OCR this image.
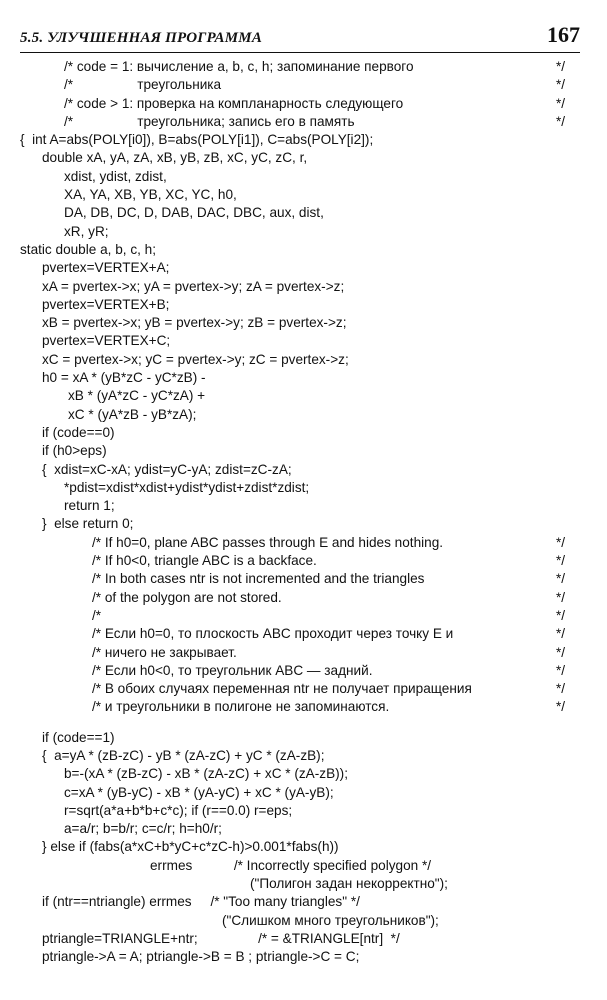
5.5. УЛУЧШЕННАЯ ПРОГРАММА	167
/* code = 1: вычисление a, b, c, h; запоминание первого	*/
/*                 треугольника	*/
/* code > 1: проверка на компланарность следующего	*/
/*                 треугольника; запись его в память	*/
{  int A=abs(POLY[i0]), B=abs(POLY[i1]), C=abs(POLY[i2]);
double xA, yA, zA, xB, yB, zB, xC, yC, zC, r,
xdist, ydist, zdist,
XA, YA, XB, YB, XC, YC, h0,
DA, DB, DC, D, DAB, DAC, DBC, aux, dist,
xR, yR;
static double a, b, c, h;
pvertex=VERTEX+A;
xA = pvertex->x; yA = pvertex->y; zA = pvertex->z;
pvertex=VERTEX+B;
xB = pvertex->x; yB = pvertex->y; zB = pvertex->z;
pvertex=VERTEX+C;
xC = pvertex->x; yC = pvertex->y; zC = pvertex->z;
h0 = xA * (yB*zC - yC*zB) -
xB * (yA*zC - yC*zA) +
xC * (yA*zB - yB*zA);
if (code==0)
if (h0>eps)
{  xdist=xC-xA; ydist=yC-yA; zdist=zC-zA;
*pdist=xdist*xdist+ydist*ydist+zdist*zdist;
return 1;
}  else return 0;
/* If h0=0, plane ABC passes through E and hides nothing.	*/
/* If h0<0, triangle ABC is a backface.	*/
/* In both cases ntr is not incremented and the triangles	*/
/* of the polygon are not stored.	*/
/*	*/
/* Если h0=0, то плоскость ABC проходит через точку E и	*/
/* ничего не закрывает.	*/
/* Если h0<0, то треугольник ABC — задний.	*/
/* В обоих случаях переменная ntr не получает приращения	*/
/* и треугольники в полигоне не запоминаются.	*/
if (code==1)
{  a=yA * (zB-zC) - yB * (zA-zC) + yC * (zA-zB);
b=-(xA * (zB-zC) - xB * (zA-zC) + xC * (zA-zB));
c=xA * (yB-yC) - xB * (yA-yC) + xC * (yA-yB);
r=sqrt(a*a+b*b+c*c); if (r==0.0) r=eps;
a=a/r; b=b/r; c=c/r; h=h0/r;
} else if (fabs(a*xC+b*yC+c*zC-h)>0.001*fabs(h))
errmes           /* Incorrectly specified polygon */
("Полигон задан некорректно");
if (ntr==ntriangle) errmes     /* "Too many triangles" */
("Слишком много треугольников");
ptriangle=TRIANGLE+ntr;                /* = &TRIANGLE[ntr]  */
ptriangle->A = A; ptriangle->B = B ; ptriangle->C = C;
